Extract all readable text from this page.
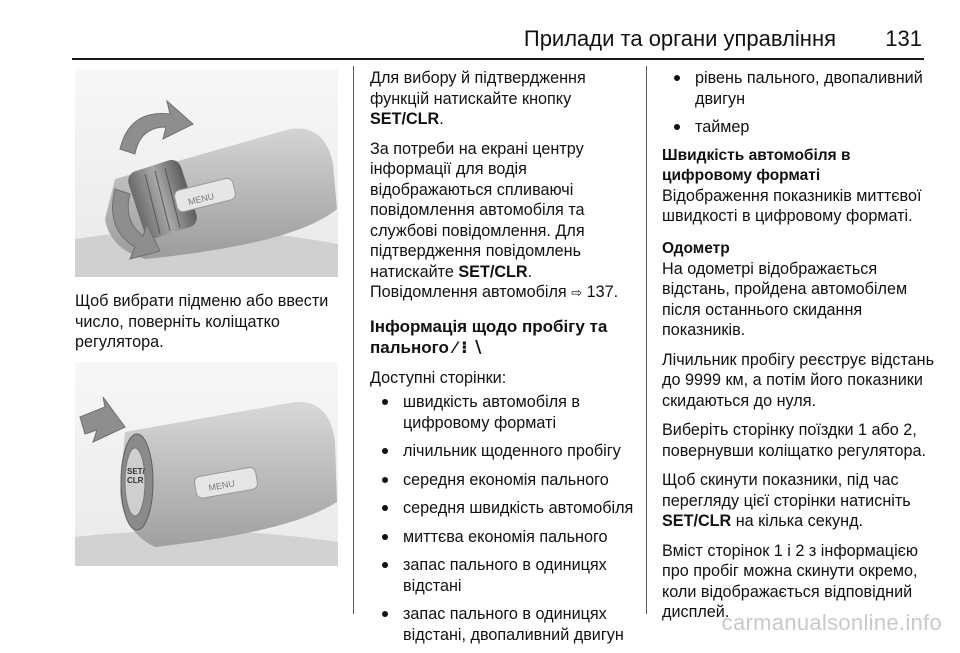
Прилади та органи управління 131
MENU
Щоб вибрати підменю або ввести число, поверніть коліщатко регулятора.
SET/ CLR	MENU

Для вибору й підтвердження функцій натискайте кнопку SET/CLR.

За потреби на екрані центру інформації для водія відображаються спливаючі повідомлення автомобіля та службові повідомлення. Для підтвердження повідомлень натискайте SET/CLR.
Повідомлення автомобіля ⇨ 137.

Інформація щодо пробігу та пального ⁄ ⁝ ∖

Доступні сторінки:

швидкість автомобіля в цифровому форматі
лічильник щоденного пробігу
середня економія пального
середня швидкість автомобіля
миттєва економія пального
запас пального в одиницях відстані
запас пального в одиницях відстані, двопаливний двигун
рівень пального, двопаливний двигун
таймер
Швидкість автомобіля в цифровому форматі

Відображення показників миттєвої швидкості в цифровому форматі.

Одометр

На одометрі відображається відстань, пройдена автомобілем після останнього скидання показників.

Лічильник пробігу реєструє відстань до 9999 км, а потім його показники скидаються до нуля.

Виберіть сторінку поїздки 1 або 2, повернувши коліщатко регулятора.

Щоб скинути показники, під час перегляду цієї сторінки натисніть SET/CLR на кілька секунд.

Вміст сторінок 1 і 2 з інформацією про пробіг можна скинути окремо, коли відображається відповідний дисплей.

carmanualsonline.info
